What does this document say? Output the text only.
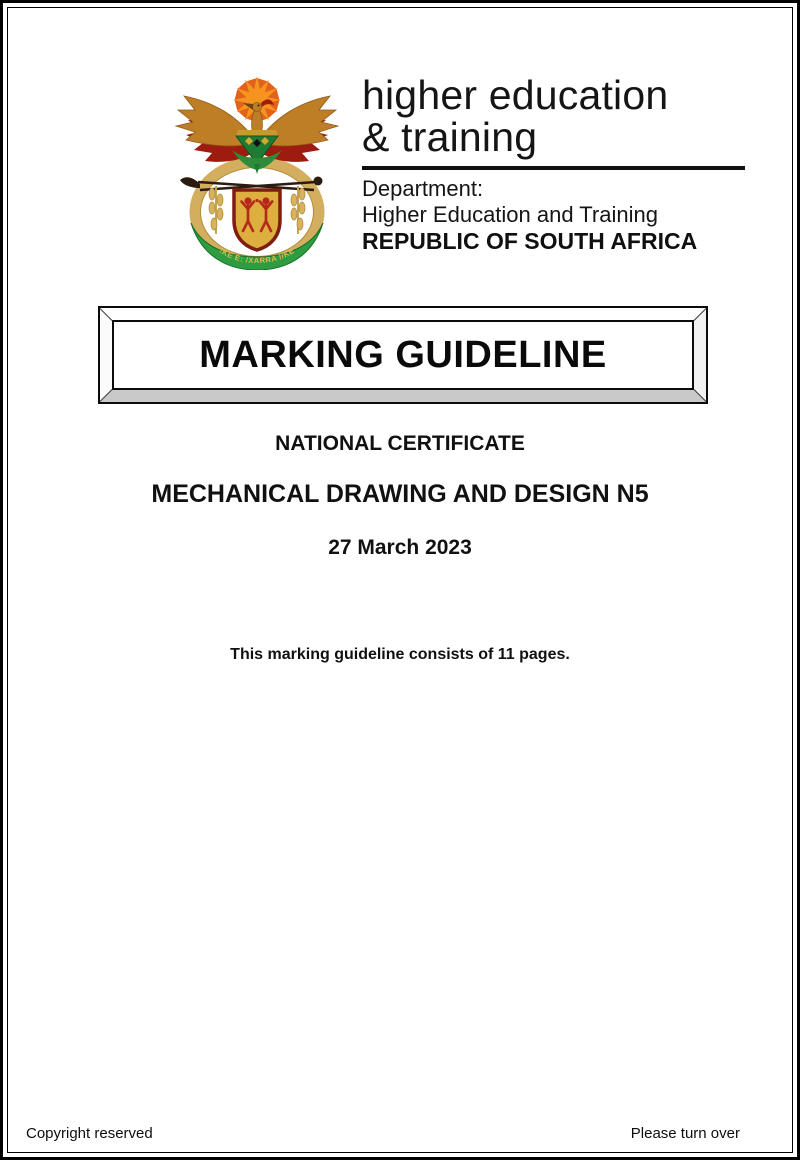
!KE E: /XARRA //KE
higher education
& training
Department:
Higher Education and Training
REPUBLIC OF SOUTH AFRICA
MARKING GUIDELINE
NATIONAL CERTIFICATE
MECHANICAL DRAWING AND DESIGN N5
27 March 2023
This marking guideline consists of 11 pages.
Copyright reserved	Please turn over
